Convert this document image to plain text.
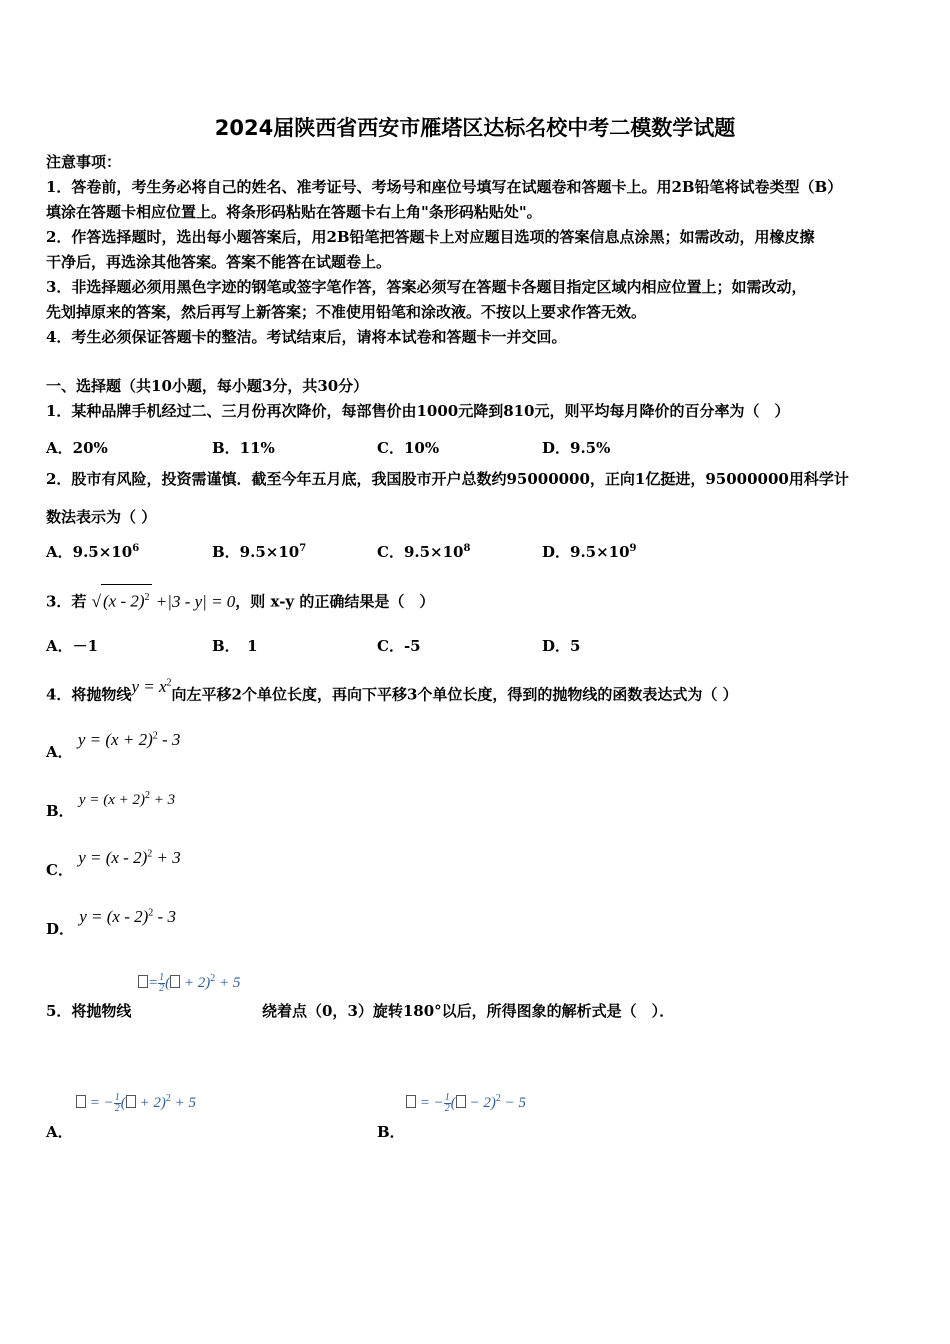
2024届陕西省西安市雁塔区达标名校中考二模数学试题
注意事项：
1．答卷前，考生务必将自己的姓名、准考证号、考场号和座位号填写在试题卷和答题卡上。用2B铅笔将试卷类型（B）
填涂在答题卡相应位置上。将条形码粘贴在答题卡右上角"条形码粘贴处"。
2．作答选择题时，选出每小题答案后，用2B铅笔把答题卡上对应题目选项的答案信息点涂黑；如需改动，用橡皮擦
干净后，再选涂其他答案。答案不能答在试题卷上。
3．非选择题必须用黑色字迹的钢笔或签字笔作答，答案必须写在答题卡各题目指定区域内相应位置上；如需改动，
先划掉原来的答案，然后再写上新答案；不准使用铅笔和涂改液。不按以上要求作答无效。
4．考生必须保证答题卡的整洁。考试结束后，请将本试卷和答题卡一并交回。
一、选择题（共10小题，每小题3分，共30分）
1．某种品牌手机经过二、三月份再次降价，每部售价由1000元降到810元，则平均每月降价的百分率为（　）
A．20%	B．11%	C．10%	D．9.5%
2．股市有风险，投资需谨慎．截至今年五月底，我国股市开户总数约95000000，正向1亿挺进，95000000用科学计
数法表示为（ ）
A．$9.5\times 10^6$	B．$9.5\times 10^7$	C．$9.5\times 10^8$	D．$9.5\times 10^9$
3．若 √ (x - 2)$^2$ +|3 - y| = 0，则 x-y 的正确结果是（　）
A．－1	B．　1	C．-5	D．5
4．将抛物线$y = x^2$向左平移2个单位长度，再向下平移3个单位长度，得到的抛物线的函数表达式为（ ）
A． $y = (x + 2)^2 - 3$
B． $y = (x + 2)^2 + 3$
C． y = (x - 2)$^2$ + 3
D． y = (x - 2)$^2$ - 3
= $\frac{1}{2}$ ( + 2)$^2$ + 5
5．将抛物线	绕着点（0，3）旋转180°以后，所得图象的解析式是（　）．
= − $\frac{1}{2}$ ( + 2)$^2$ + 5
A．
= − $\frac{1}{2}$ ( − 2)$^2$ − 5
B．
